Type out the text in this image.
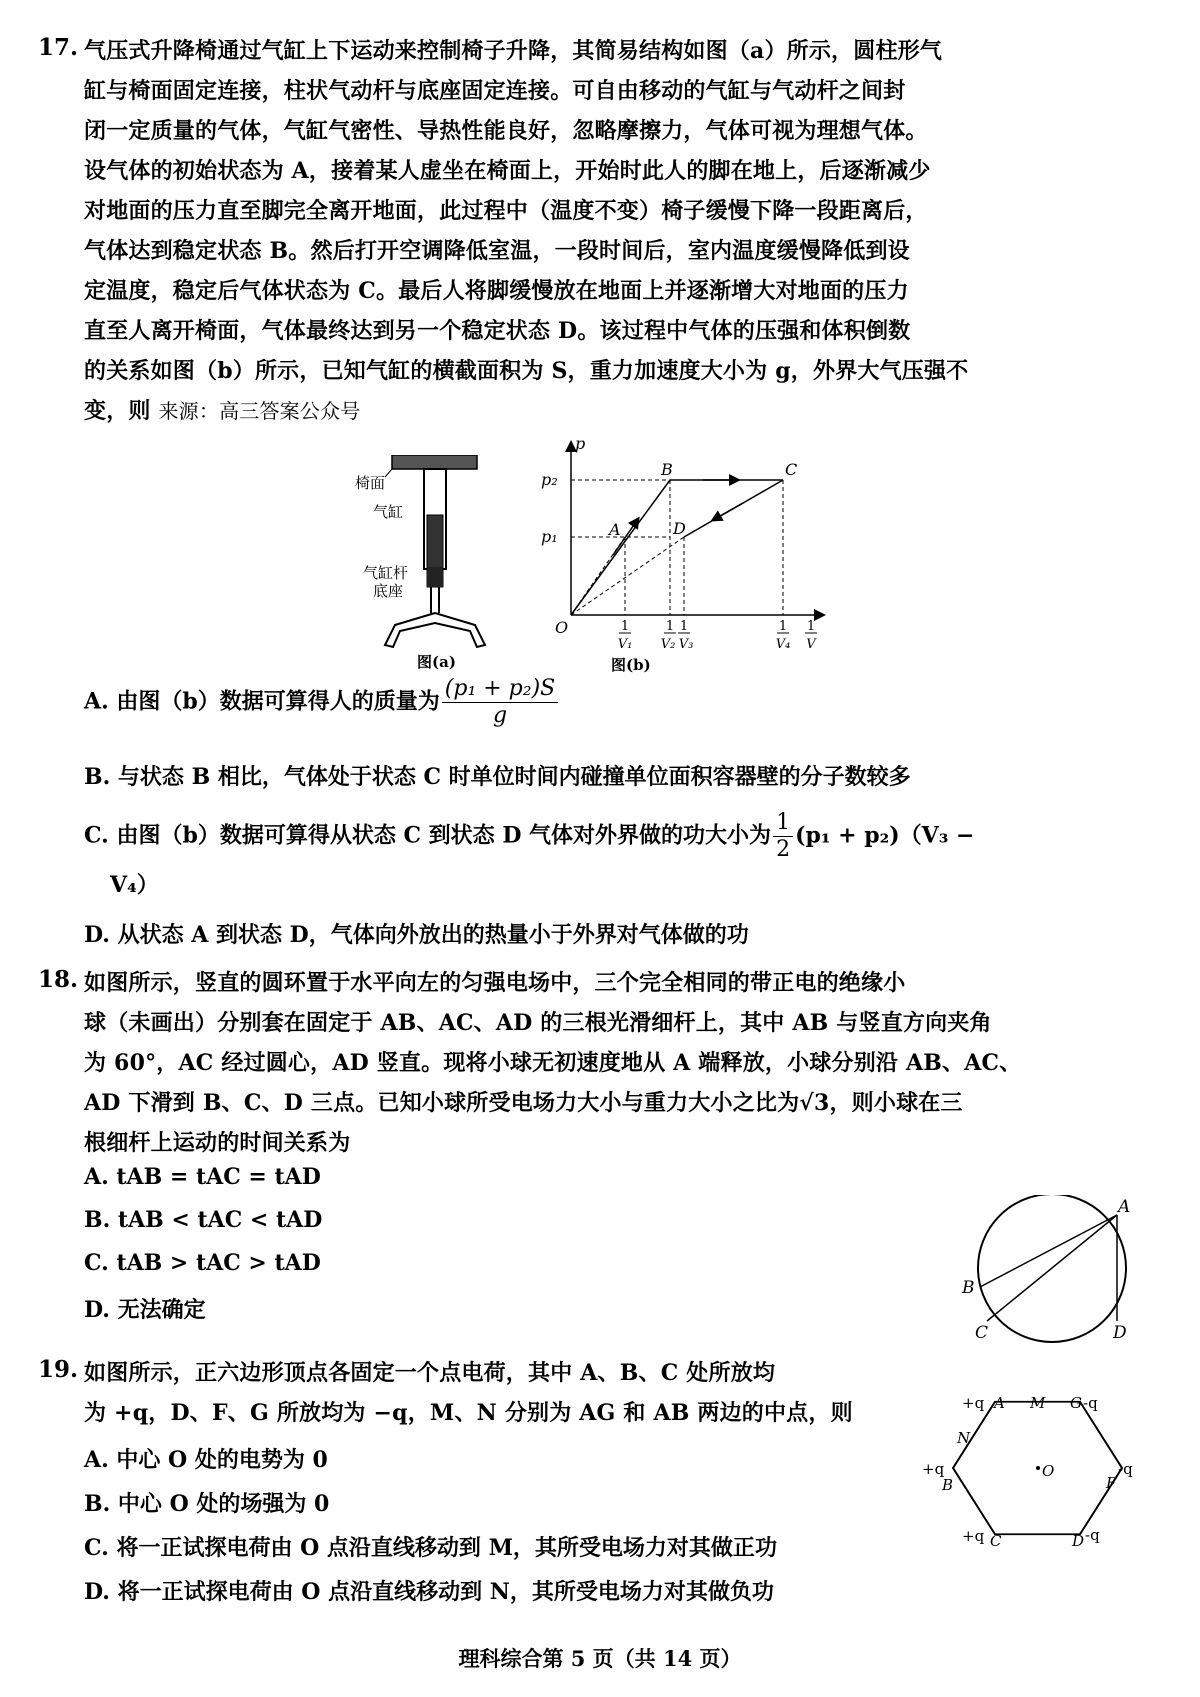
17. 气压式升降椅通过气缸上下运动来控制椅子升降，其简易结构如图（a）所示，圆柱形气
缸与椅面固定连接，柱状气动杆与底座固定连接。可自由移动的气缸与气动杆之间封
闭一定质量的气体，气缸气密性、导热性能良好，忽略摩擦力，气体可视为理想气体。
设气体的初始状态为 A，接着某人虚坐在椅面上，开始时此人的脚在地上，后逐渐减少
对地面的压力直至脚完全离开地面，此过程中（温度不变）椅子缓慢下降一段距离后，
气体达到稳定状态 B。然后打开空调降低室温，一段时间后，室内温度缓慢降低到设
定温度，稳定后气体状态为 C。最后人将脚缓慢放在地面上并逐渐增大对地面的压力
直至人离开椅面，气体最终达到另一个稳定状态 D。该过程中气体的压强和体积倒数
的关系如图（b）所示，已知气缸的横截面积为 S，重力加速度大小为 g，外界大气压强不
变，则 来源：高三答案公众号
椅面
气缸
气缸杆
底座
图(a)
p
O
p₂
p₁	A
B	C
D
1	1 1	1 1
V₁ V₂ V₃	V₄ V
图(b)
A. 由图（b）数据可算得人的质量为 $\frac{\text{(p₁ + p₂)S}}{g}$
B. 与状态 B 相比，气体处于状态 C 时单位时间内碰撞单位面积容器壁的分子数较多
C. 由图（b）数据可算得从状态 C 到状态 D 气体对外界做的功大小为 $\frac{1}{2} (p_1 + p_2)(V_3$ −
V₄）
D. 从状态 A 到状态 D，气体向外放出的热量小于外界对气体做的功
18. 如图所示，竖直的圆环置于水平向左的匀强电场中，三个完全相同的带正电的绝缘小
球（未画出）分别套在固定于 AB、AC、AD 的三根光滑细杆上，其中 AB 与竖直方向夹角
为 60°，AC 经过圆心，AD 竖直。现将小球无初速度地从 A 端释放，小球分别沿 AB、AC、
AD 下滑到 B、C、D 三点。已知小球所受电场力大小与重力大小之比为√3，则小球在三
根细杆上运动的时间关系为
A. tAB = tAC = tAD
B. tAB < tAC < tAD
C. tAB > tAC > tAD
D. 无法确定
A
B
C	D
19. 如图所示，正六边形顶点各固定一个点电荷，其中 A、B、C 处所放均
为 +q，D、F、G 所放均为 −q，M、N 分别为 AG 和 AB 两边的中点，则
A. 中心 O 处的电势为 0
B. 中心 O 处的场强为 0
C. 将一正试探电荷由 O 点沿直线移动到 M，其所受电场力对其做正功
D. 将一正试探电荷由 O 点沿直线移动到 N，其所受电场力对其做负功
+q A M G -q
N
+q
B
O	-q
F
+q C	D -q
理科综合第 5 页（共 14 页）
